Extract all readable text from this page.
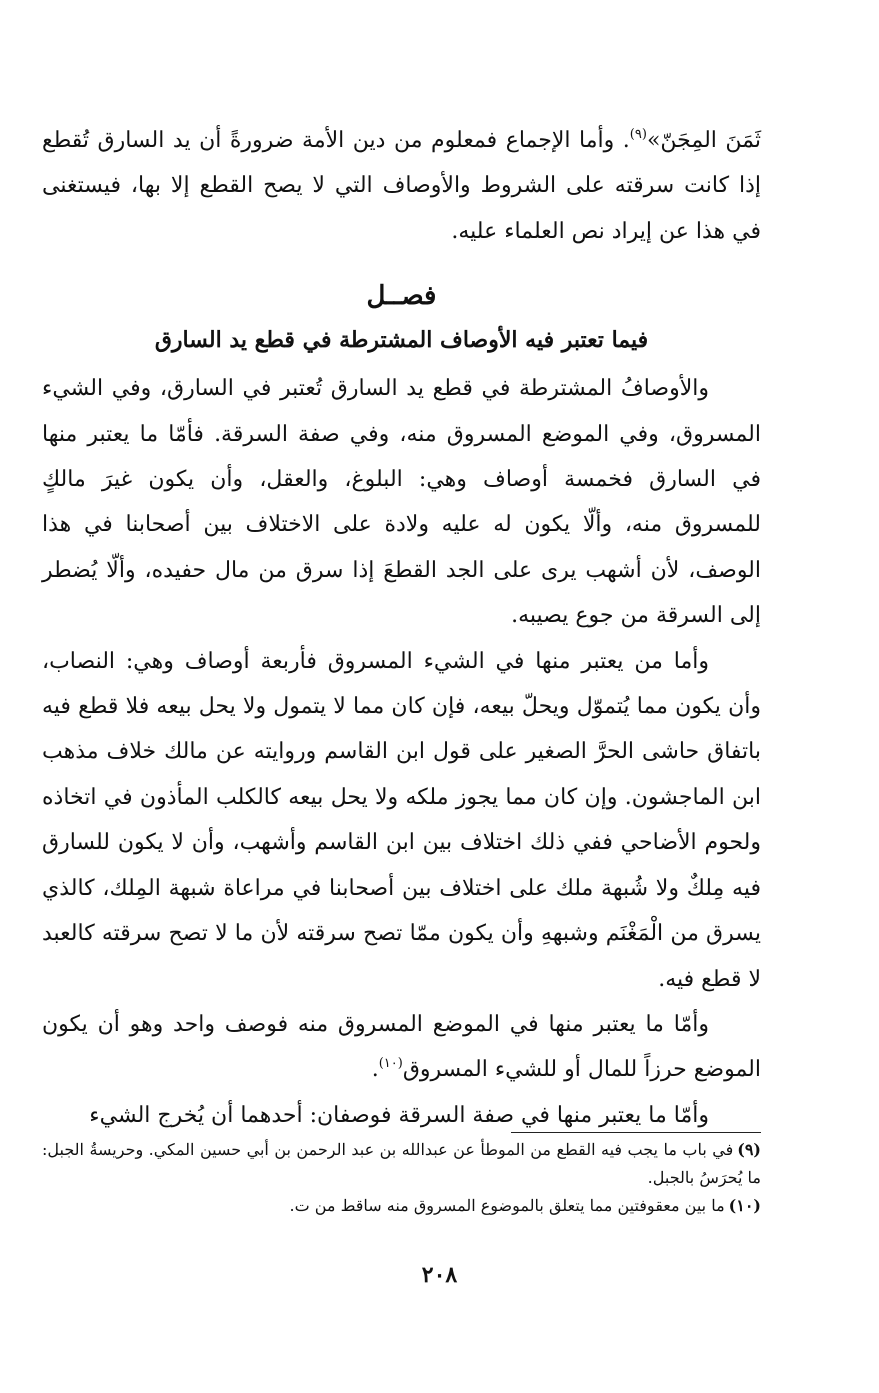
ثَمَنَ المِجَنّ»$^{(٩)}$. وأما الإجماع فمعلوم من دين الأمة ضرورةً أن يد السارق تُقطع إذا كانت سرقته على الشروط والأوصاف التي لا يصح القطع إلا بها، فيستغنى في هذا عن إيراد نص العلماء عليه.

فصــل
فيما تعتبر فيه الأوصاف المشترطة في قطع يد السارق

والأوصافُ المشترطة في قطع يد السارق تُعتبر في السارق، وفي الشيء المسروق، وفي الموضع المسروق منه، وفي صفة السرقة. فأمّا ما يعتبر منها في السارق فخمسة أوصاف وهي: البلوغ، والعقل، وأن يكون غيرَ مالكٍ للمسروق منه، وألّا يكون له عليه ولادة على الاختلاف بين أصحابنا في هذا الوصف، لأن أشهب يرى على الجد القطعَ إذا سرق من مال حفيده، وألّا يُضطر إلى السرقة من جوع يصيبه.

وأما من يعتبر منها في الشيء المسروق فأربعة أوصاف وهي: النصاب، وأن يكون مما يُتموّل ويحلّ بيعه، فإن كان مما لا يتمول ولا يحل بيعه فلا قطع فيه باتفاق حاشى الحرَّ الصغير على قول ابن القاسم وروايته عن مالك خلاف مذهب ابن الماجشون. وإن كان مما يجوز ملكه ولا يحل بيعه كالكلب المأذون في اتخاذه ولحوم الأضاحي ففي ذلك اختلاف بين ابن القاسم وأشهب، وأن لا يكون للسارق فيه مِلكٌ ولا شُبهة ملك على اختلاف بين أصحابنا في مراعاة شبهة المِلك، كالذي يسرق من الْمَغْنَم وشبههِ وأن يكون ممّا تصح سرقته لأن ما لا تصح سرقته كالعبد لا قطع فيه.

وأمّا ما يعتبر منها في الموضع المسروق منه فوصف واحد وهو أن يكون الموضع حرزاً للمال أو للشيء المسروق$^{(١٠)}$.

وأمّا ما يعتبر منها في صفة السرقة فوصفان: أحدهما أن يُخرج الشيء

(٩)في باب ما يجب فيه القطع من الموطأ عن عبدالله بن عبد الرحمن بن أبي حسين المكي. وحريسةُ الجبل: ما يُحرَسُ بالجبل.

(١٠)ما بين معقوفتين مما يتعلق بالموضوع المسروق منه ساقط من ت.

٢٠٨
